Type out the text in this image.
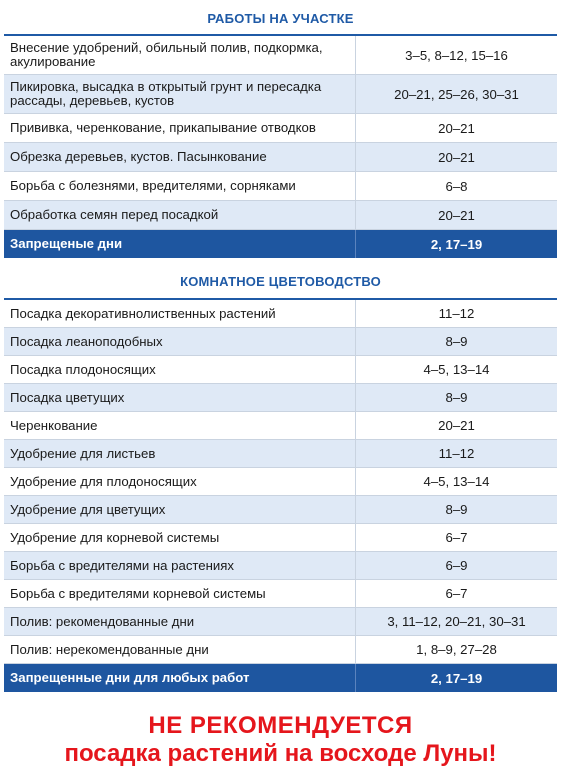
РАБОТЫ НА УЧАСТКЕ
Внесение удобрений, обильный полив, подкормка, акулирование	3–5, 8–12, 15–16
Пикировка, высадка в открытый грунт и пересадка рассады, деревьев, кустов	20–21, 25–26, 30–31
Прививка, черенкование, прикапывание отводков	20–21
Обрезка деревьев, кустов. Пасынкование	20–21
Борьба с болезнями, вредителями, сорняками	6–8
Обработка семян перед посадкой	20–21
Запрещеные дни	2, 17–19
КОМНАТНОЕ ЦВЕТОВОДСТВО
Посадка декоративнолиственных растений	11–12
Посадка леаноподобных	8–9
Посадка плодоносящих	4–5, 13–14
Посадка цветущих	8–9
Черенкование	20–21
Удобрение для листьев	11–12
Удобрение для плодоносящих	4–5, 13–14
Удобрение для цветущих	8–9
Удобрение для корневой системы	6–7
Борьба с вредителями на растениях	6–9
Борьба с вредителями корневой системы	6–7
Полив: рекомендованные дни	3, 11–12, 20–21, 30–31
Полив: нерекомендованные дни	1, 8–9, 27–28
Запрещенные дни для любых работ	2, 17–19
НЕ РЕКОМЕНДУЕТСЯ
посадка растений на восходе Луны!
